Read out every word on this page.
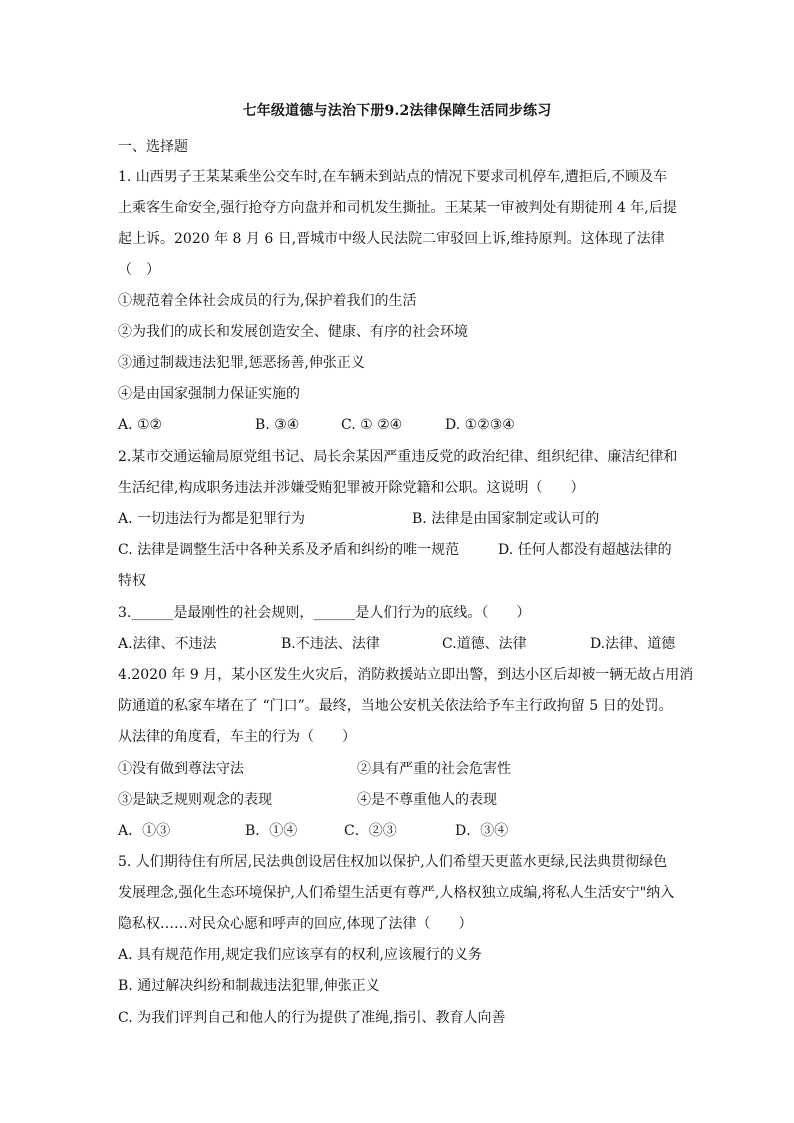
七年级道德与法治下册9.2法律保障生活同步练习
一、选择题
1. 山西男子王某某乘坐公交车时,在车辆未到站点的情况下要求司机停车,遭拒后,不顾及车
上乘客生命安全,强行抢夺方向盘并和司机发生撕扯。王某某一审被判处有期徒刑 4 年,后提
起上诉。2020 年 8 月 6 日,晋城市中级人民法院二审驳回上诉,维持原判。这体现了法律
（　）
①规范着全体社会成员的行为,保护着我们的生活
②为我们的成长和发展创造安全、健康、有序的社会环境
③通过制裁违法犯罪,惩恶扬善,伸张正义
④是由国家强制力保证实施的
A. ①②	B. ③④	C. ① ②④	D. ①②③④
2.某市交通运输局原党组书记、局长余某因严重违反党的政治纪律、组织纪律、廉洁纪律和
生活纪律,构成职务违法并涉嫌受贿犯罪被开除党籍和公职。这说明（　　）
A. 一切违法行为都是犯罪行为	B. 法律是由国家制定或认可的
C. 法律是调整生活中各种关系及矛盾和纠纷的唯一规范	D. 任何人都没有超越法律的
特权
3.______是最刚性的社会规则，______是人们行为的底线。（　　）
A.法律、不违法	B.不违法、法律	C.道德、法律	D.法律、道德
4.2020 年 9 月，某小区发生火灾后，消防救援站立即出警，到达小区后却被一辆无故占用消
防通道的私家车堵在了 “门口”。最终，当地公安机关依法给予车主行政拘留 5 日的处罚。
从法律的角度看，车主的行为（　　）
①没有做到尊法守法	②具有严重的社会危害性
③是缺乏规则观念的表现	④是不尊重他人的表现
A．①③	B．①④	C．②③	D．③④
5. 人们期待住有所居,民法典创设居住权加以保护,人们希望天更蓝水更绿,民法典贯彻绿色
发展理念,强化生态环境保护,人们希望生活更有尊严,人格权独立成编,将私人生活安宁"纳入
隐私权……对民众心愿和呼声的回应,体现了法律（　　）
A. 具有规范作用,规定我们应该享有的权利,应该履行的义务
B. 通过解决纠纷和制裁违法犯罪,伸张正义
C. 为我们评判自己和他人的行为提供了准绳,指引、教育人向善
